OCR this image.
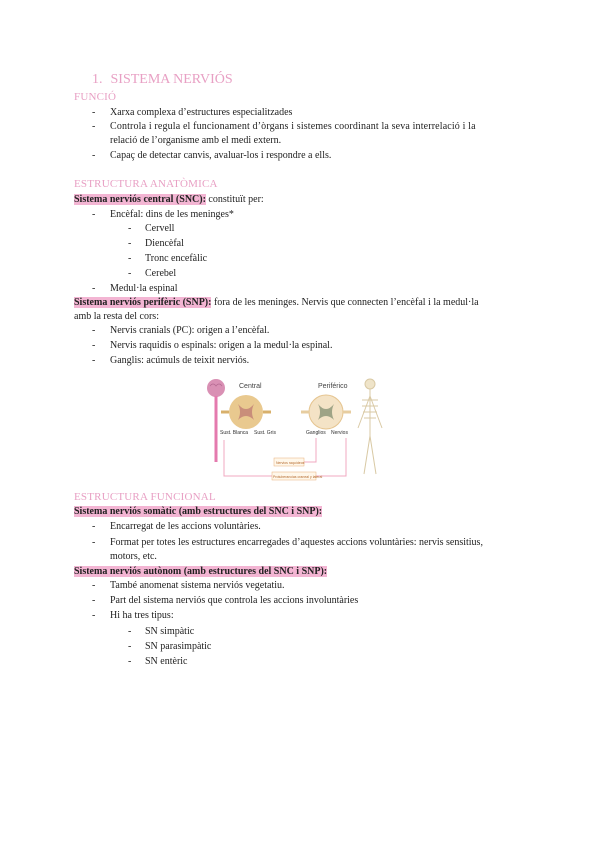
1. SISTEMA NERVIÓS
FUNCIÓ
- Xarxa complexa d’estructures especialitzades
- Controla i regula el funcionament d’òrgans i sistemes coordinant la seva interrelació i la
relació de l’organisme amb el medi extern.
- Capaç de detectar canvis, avaluar-los i respondre a ells.
ESTRUCTURA ANATÒMICA
Sistema nerviós central (SNC): constituït per:
- Encèfal: dins de les meninges*
- Cervell
- Diencèfal
- Tronc encefàlic
- Cerebel
- Medul·la espinal
Sistema nerviós perifèric (SNP): fora de les meninges. Nervis que connecten l’encèfal i la medul·la
amb la resta del cors:
- Nervis cranials (PC): origen a l’encèfal.
- Nervis raquidis o espinals: origen a la medul·la espinal.
- Ganglis: acúmuls de teixit nerviós.
Central
Sust. Blanca Sust. Gris
Periférico
Ganglios Nervios
Nervios raquídeos
Protuberancias craneal y lateral
ESTRUCTURA FUNCIONAL
Sistema nerviós somàtic (amb estructures del SNC i SNP):
- Encarregat de les accions voluntàries.
- Format per totes les estructures encarregades d’aquestes accions voluntàries: nervis sensitius,
motors, etc.
Sistema nerviós autònom (amb estructures del SNC i SNP):
- També anomenat sistema nerviós vegetatiu.
- Part del sistema nerviós que controla les accions involuntàries
- Hi ha tres tipus:
- SN simpàtic
- SN parasimpàtic
- SN entèric
